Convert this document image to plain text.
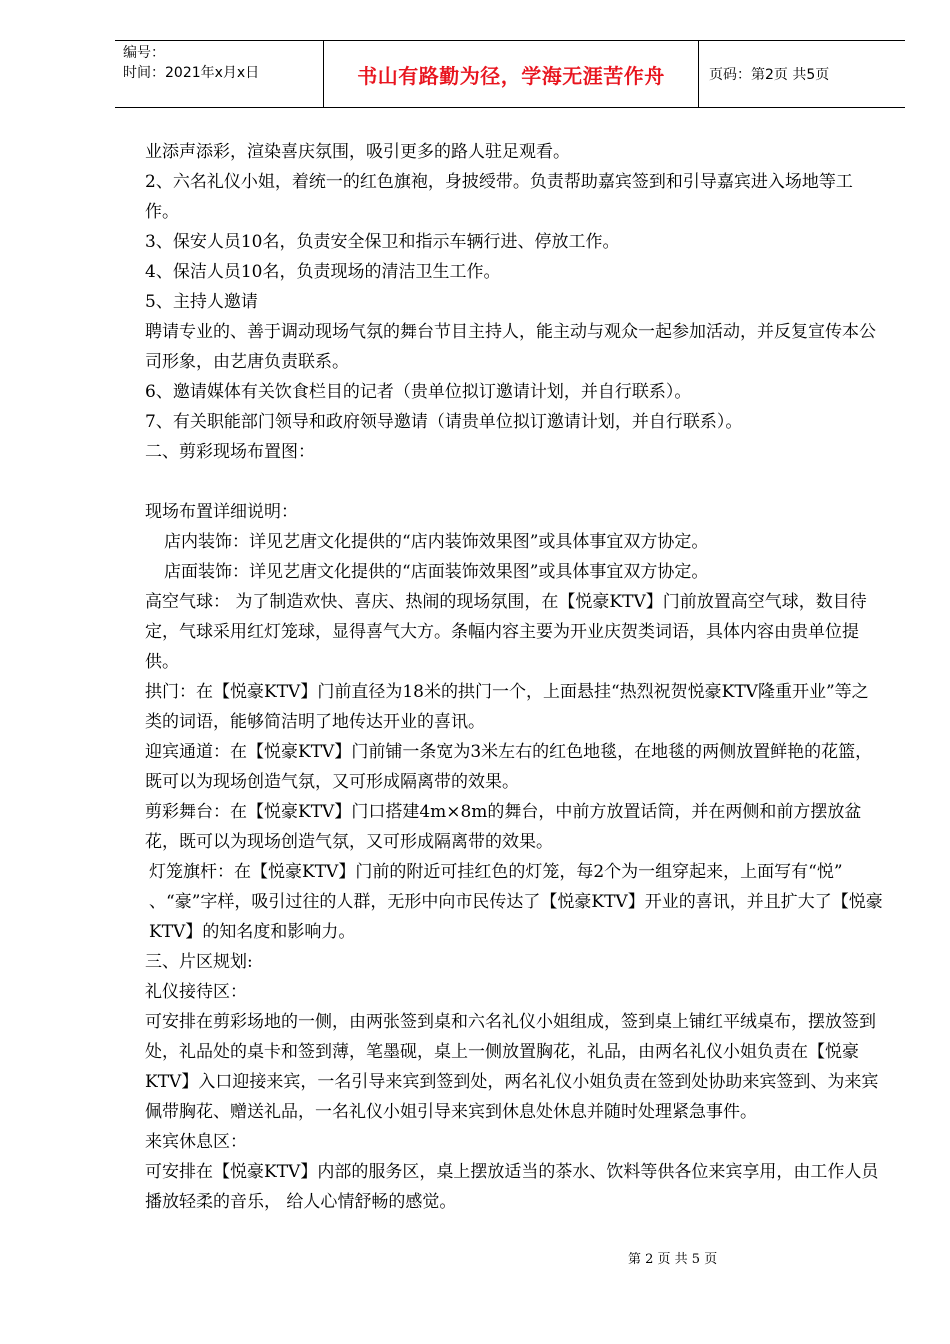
编号：
时间：2021年x月x日	书山有路勤为径，学海无涯苦作舟	页码：第2页 共5页

业添声添彩，渲染喜庆氛围，吸引更多的路人驻足观看。

2、六名礼仪小姐，着统一的红色旗袍，身披绶带。负责帮助嘉宾签到和引导嘉宾进入场地等工作。

3、保安人员10名，负责安全保卫和指示车辆行进、停放工作。

4、保洁人员10名，负责现场的清洁卫生工作。

5、主持人邀请

聘请专业的、善于调动现场气氛的舞台节目主持人，能主动与观众一起参加活动，并反复宣传本公司形象，由艺唐负责联系。

6、邀请媒体有关饮食栏目的记者（贵单位拟订邀请计划，并自行联系）。

7、有关职能部门领导和政府领导邀请（请贵单位拟订邀请计划，并自行联系）。

二、剪彩现场布置图：

现场布置详细说明：

店内装饰：详见艺唐文化提供的“店内装饰效果图”或具体事宜双方协定。

店面装饰：详见艺唐文化提供的“店面装饰效果图”或具体事宜双方协定。

高空气球： 为了制造欢快、喜庆、热闹的现场氛围，在【悦豪KTV】门前放置高空气球，数目待定，气球采用红灯笼球，显得喜气大方。条幅内容主要为开业庆贺类词语，具体内容由贵单位提供。

拱门：在【悦豪KTV】门前直径为18米的拱门一个，上面悬挂“热烈祝贺悦豪KTV隆重开业”等之类的词语，能够简洁明了地传达开业的喜讯。

迎宾通道：在【悦豪KTV】门前铺一条宽为3米左右的红色地毯，在地毯的两侧放置鲜艳的花篮，既可以为现场创造气氛，又可形成隔离带的效果。

剪彩舞台：在【悦豪KTV】门口搭建4m×8m的舞台，中前方放置话筒，并在两侧和前方摆放盆花，既可以为现场创造气氛，又可形成隔离带的效果。

灯笼旗杆：在【悦豪KTV】门前的附近可挂红色的灯笼，每2个为一组穿起来，上面写有“悦” 、“豪”字样，吸引过往的人群，无形中向市民传达了【悦豪KTV】开业的喜讯，并且扩大了【悦豪KTV】的知名度和影响力。

三、片区规划:

礼仪接待区：

可安排在剪彩场地的一侧，由两张签到桌和六名礼仪小姐组成，签到桌上铺红平绒桌布，摆放签到处，礼品处的桌卡和签到薄，笔墨砚，桌上一侧放置胸花，礼品，由两名礼仪小姐负责在【悦豪KTV】入口迎接来宾，一名引导来宾到签到处，两名礼仪小姐负责在签到处协助来宾签到、为来宾佩带胸花、赠送礼品，一名礼仪小姐引导来宾到休息处休息并随时处理紧急事件。

来宾休息区：

可安排在【悦豪KTV】内部的服务区，桌上摆放适当的茶水、饮料等供各位来宾享用，由工作人员播放轻柔的音乐， 给人心情舒畅的感觉。

第 2 页 共 5 页
